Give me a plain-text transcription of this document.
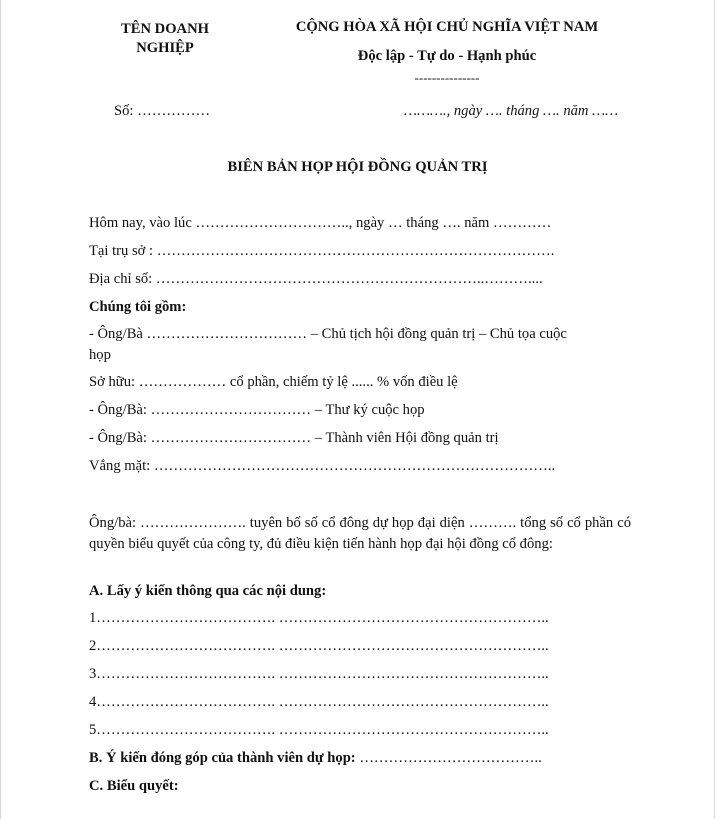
TÊN DOANH
NGHIỆP
CỘNG HÒA XÃ HỘI CHỦ NGHĨA VIỆT NAM
Độc lập - Tự do - Hạnh phúc
---------------
Số: ……………	………., ngày …. tháng …. năm ……
BIÊN BẢN HỌP HỘI ĐỒNG QUẢN TRỊ
Hôm nay, vào lúc ………………………….., ngày … tháng …. năm …………
Tại trụ sở : ……………………………………………………………………….
Địa chỉ số: …………………………………………………………..………....
Chúng tôi gồm:
- Ông/Bà …………………………… – Chủ tịch hội đồng quản trị – Chủ tọa cuộc
họp
Sở hữu: ……………… cổ phần, chiếm tỷ lệ ...... % vốn điều lệ
- Ông/Bà: …………………………… – Thư ký cuộc họp
- Ông/Bà: …………………………… – Thành viên Hội đồng quản trị
Vắng mặt: ………………………………………………………………………..
Ông/bà: …………………. tuyên bố số cổ đông dự họp đại diện ………. tổng số cổ phần có quyền biểu quyết của công ty, đủ điều kiện tiến hành họp đại hội đồng cổ đông:
A. Lấy ý kiến thông qua các nội dung:
1………………………………. ………………………………………………..
2………………………………. ………………………………………………..
3………………………………. ………………………………………………..
4………………………………. ………………………………………………..
5………………………………. ………………………………………………..
B. Ý kiến đóng góp của thành viên dự họp: ………………………………..
C. Biểu quyết:
